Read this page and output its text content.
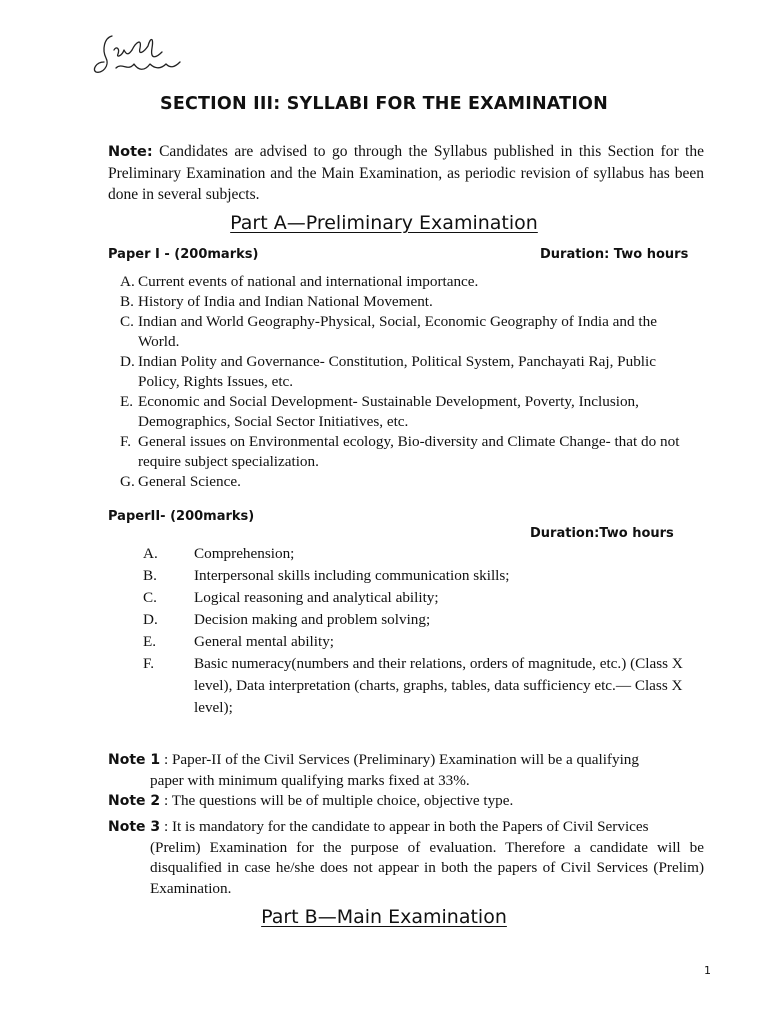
SECTION III: SYLLABI FOR THE EXAMINATION
Note: Candidates are advised to go through the Syllabus published in this Section for the Preliminary Examination and the Main Examination, as periodic revision of syllabus has been done in several subjects.
Part A—Preliminary Examination
Paper I - (200marks)	Duration: Two hours
A. Current events of national and international importance.
B. History of India and Indian National Movement.
C. Indian and World Geography-Physical, Social, Economic Geography of India and the World.
D. Indian Polity and Governance- Constitution, Political System, Panchayati Raj, Public Policy, Rights Issues, etc.
E. Economic and Social Development- Sustainable Development, Poverty, Inclusion, Demographics, Social Sector Initiatives, etc.
F. General issues on Environmental ecology, Bio-diversity and Climate Change- that do not require subject specialization.
G. General Science.
PaperII- (200marks)
Duration:Two hours
A. Comprehension;
B. Interpersonal skills including communication skills;
C. Logical reasoning and analytical ability;
D. Decision making and problem solving;
E. General mental ability;
F.	Basic numeracy(numbers and their relations, orders of magnitude, etc.) (Class X level), Data interpretation (charts, graphs, tables, data sufficiency etc.— Class X level);
Note 1 : Paper-II of the Civil Services (Preliminary) Examination will be a qualifying
paper with minimum qualifying marks fixed at 33%.
Note 2 : The questions will be of multiple choice, objective type.
Note 3 : It is mandatory for the candidate to appear in both the Papers of Civil Services
(Prelim) Examination for the purpose of evaluation. Therefore a candidate will be disqualified in case he/she does not appear in both the papers of Civil Services (Prelim) Examination.
Part B—Main Examination
1
